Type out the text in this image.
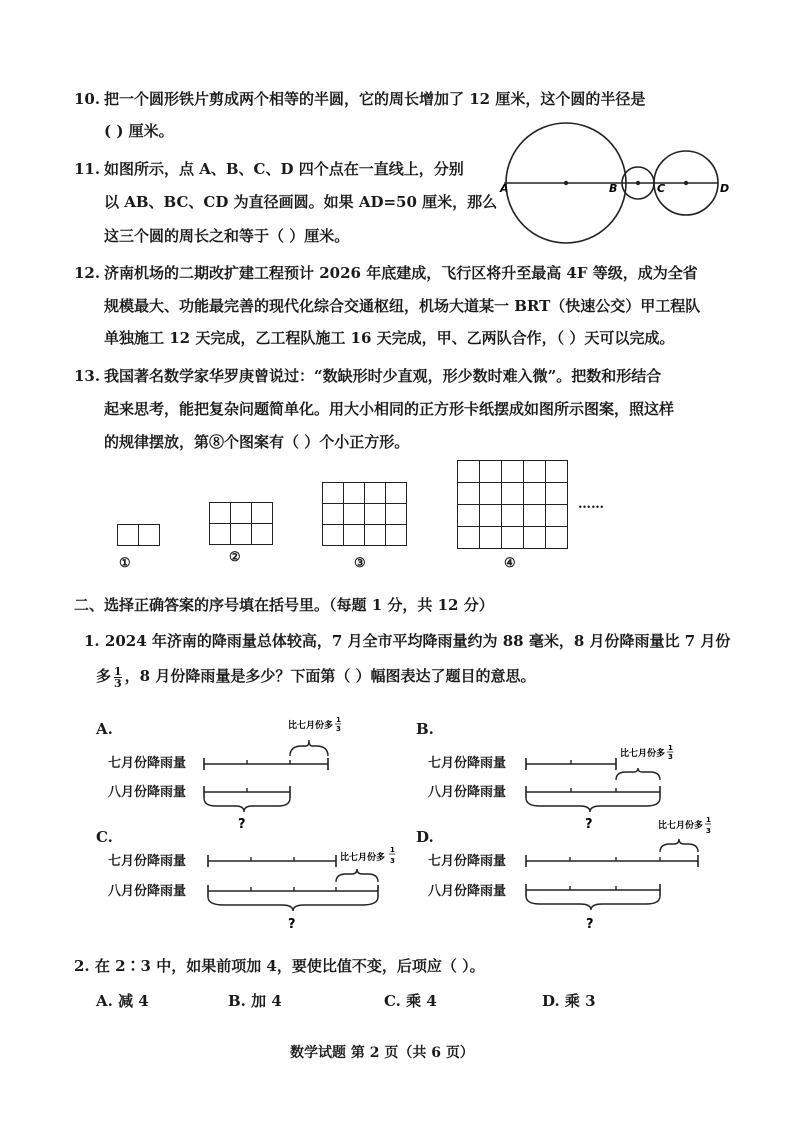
10. 把一个圆形铁片剪成两个相等的半圆，它的周长增加了 12 厘米，这个圆的半径是
( ) 厘米。
11. 如图所示，点 A、B、C、D 四个点在一直线上，分别
以 AB、BC、CD 为直径画圆。如果 AD=50 厘米，那么
这三个圆的周长之和等于（ ）厘米。
A	B	C	D
12. 济南机场的二期改扩建工程预计 2026 年底建成，飞行区将升至最高 4F 等级，成为全省
规模最大、功能最完善的现代化综合交通枢纽，机场大道某一 BRT（快速公交）甲工程队
单独施工 12 天完成，乙工程队施工 16 天完成，甲、乙两队合作，（ ）天可以完成。
13. 我国著名数学家华罗庚曾说过：“数缺形时少直观，形少数时难入微”。把数和形结合
起来思考，能把复杂问题简单化。用大小相同的正方形卡纸摆成如图所示图案，照这样
的规律摆放，第⑧个图案有（ ）个小正方形。
……
①	②	③	④
二、选择正确答案的序号填在括号里。（每题 1 分，共 12 分）
1. 2024 年济南的降雨量总体较高，7 月全市平均降雨量约为 88 毫米，8 月份降雨量比 7 月份
多 $\frac{1}{3}$ ，8 月份降雨量是多少？下面第（ ）幅图表达了题目的意思。
A.
七月份降雨量
八月份降雨量
比七月份多
1
3
?
B.
七月份降雨量
八月份降雨量
比七月份多
1
3
?
C.
七月份降雨量
八月份降雨量
比七月份多
1
3
?
D.
七月份降雨量
八月份降雨量
比七月份多
1
3
?
2. 在 2∶3 中，如果前项加 4，要使比值不变，后项应（ ）。
A. 减 4	B. 加 4	C. 乘 4	D. 乘 3
数学试题 第 2 页（共 6 页）
